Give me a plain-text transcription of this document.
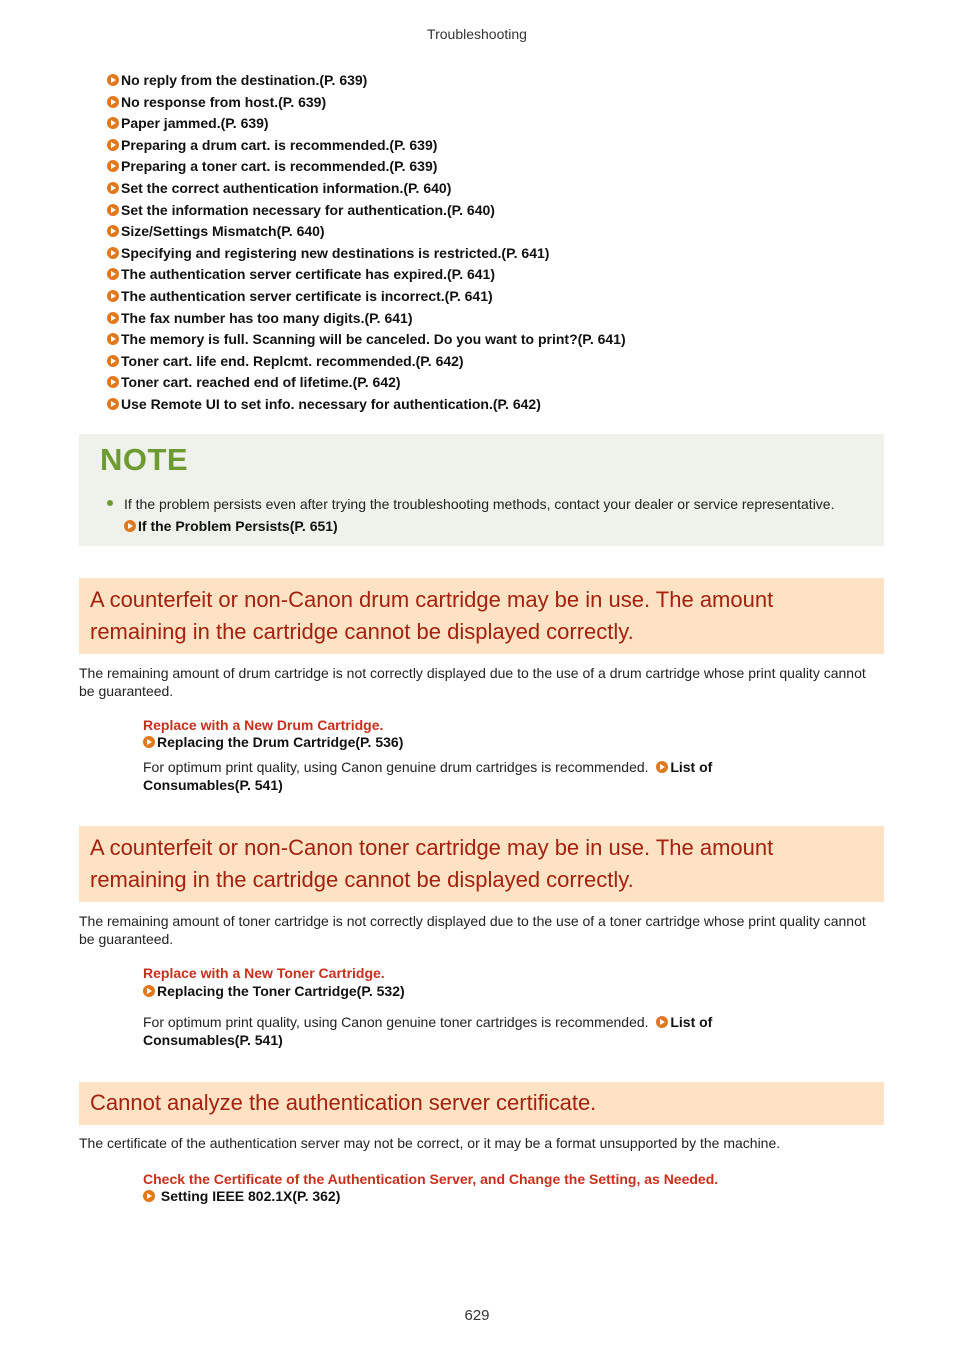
Troubleshooting
No reply from the destination.(P. 639)
No response from host.(P. 639)
Paper jammed.(P. 639)
Preparing a drum cart. is recommended.(P. 639)
Preparing a toner cart. is recommended.(P. 639)
Set the correct authentication information.(P. 640)
Set the information necessary for authentication.(P. 640)
Size/Settings Mismatch(P. 640)
Specifying and registering new destinations is restricted.(P. 641)
The authentication server certificate has expired.(P. 641)
The authentication server certificate is incorrect.(P. 641)
The fax number has too many digits.(P. 641)
The memory is full. Scanning will be canceled. Do you want to print?(P. 641)
Toner cart. life end. Replcmt. recommended.(P. 642)
Toner cart. reached end of lifetime.(P. 642)
Use Remote UI to set info. necessary for authentication.(P. 642)
NOTE
If the problem persists even after trying the troubleshooting methods, contact your dealer or service representative. If the Problem Persists(P. 651)
A counterfeit or non-Canon drum cartridge may be in use. The amount remaining in the cartridge cannot be displayed correctly.
The remaining amount of drum cartridge is not correctly displayed due to the use of a drum cartridge whose print quality cannot be guaranteed.
Replace with a New Drum Cartridge.
Replacing the Drum Cartridge(P. 536)
For optimum print quality, using Canon genuine drum cartridges is recommended. List of Consumables(P. 541)
A counterfeit or non-Canon toner cartridge may be in use. The amount remaining in the cartridge cannot be displayed correctly.
The remaining amount of toner cartridge is not correctly displayed due to the use of a toner cartridge whose print quality cannot be guaranteed.
Replace with a New Toner Cartridge.
Replacing the Toner Cartridge(P. 532)
For optimum print quality, using Canon genuine toner cartridges is recommended. List of Consumables(P. 541)
Cannot analyze the authentication server certificate.
The certificate of the authentication server may not be correct, or it may be a format unsupported by the machine.
Check the Certificate of the Authentication Server, and Change the Setting, as Needed.
Setting IEEE 802.1X(P. 362)
629
